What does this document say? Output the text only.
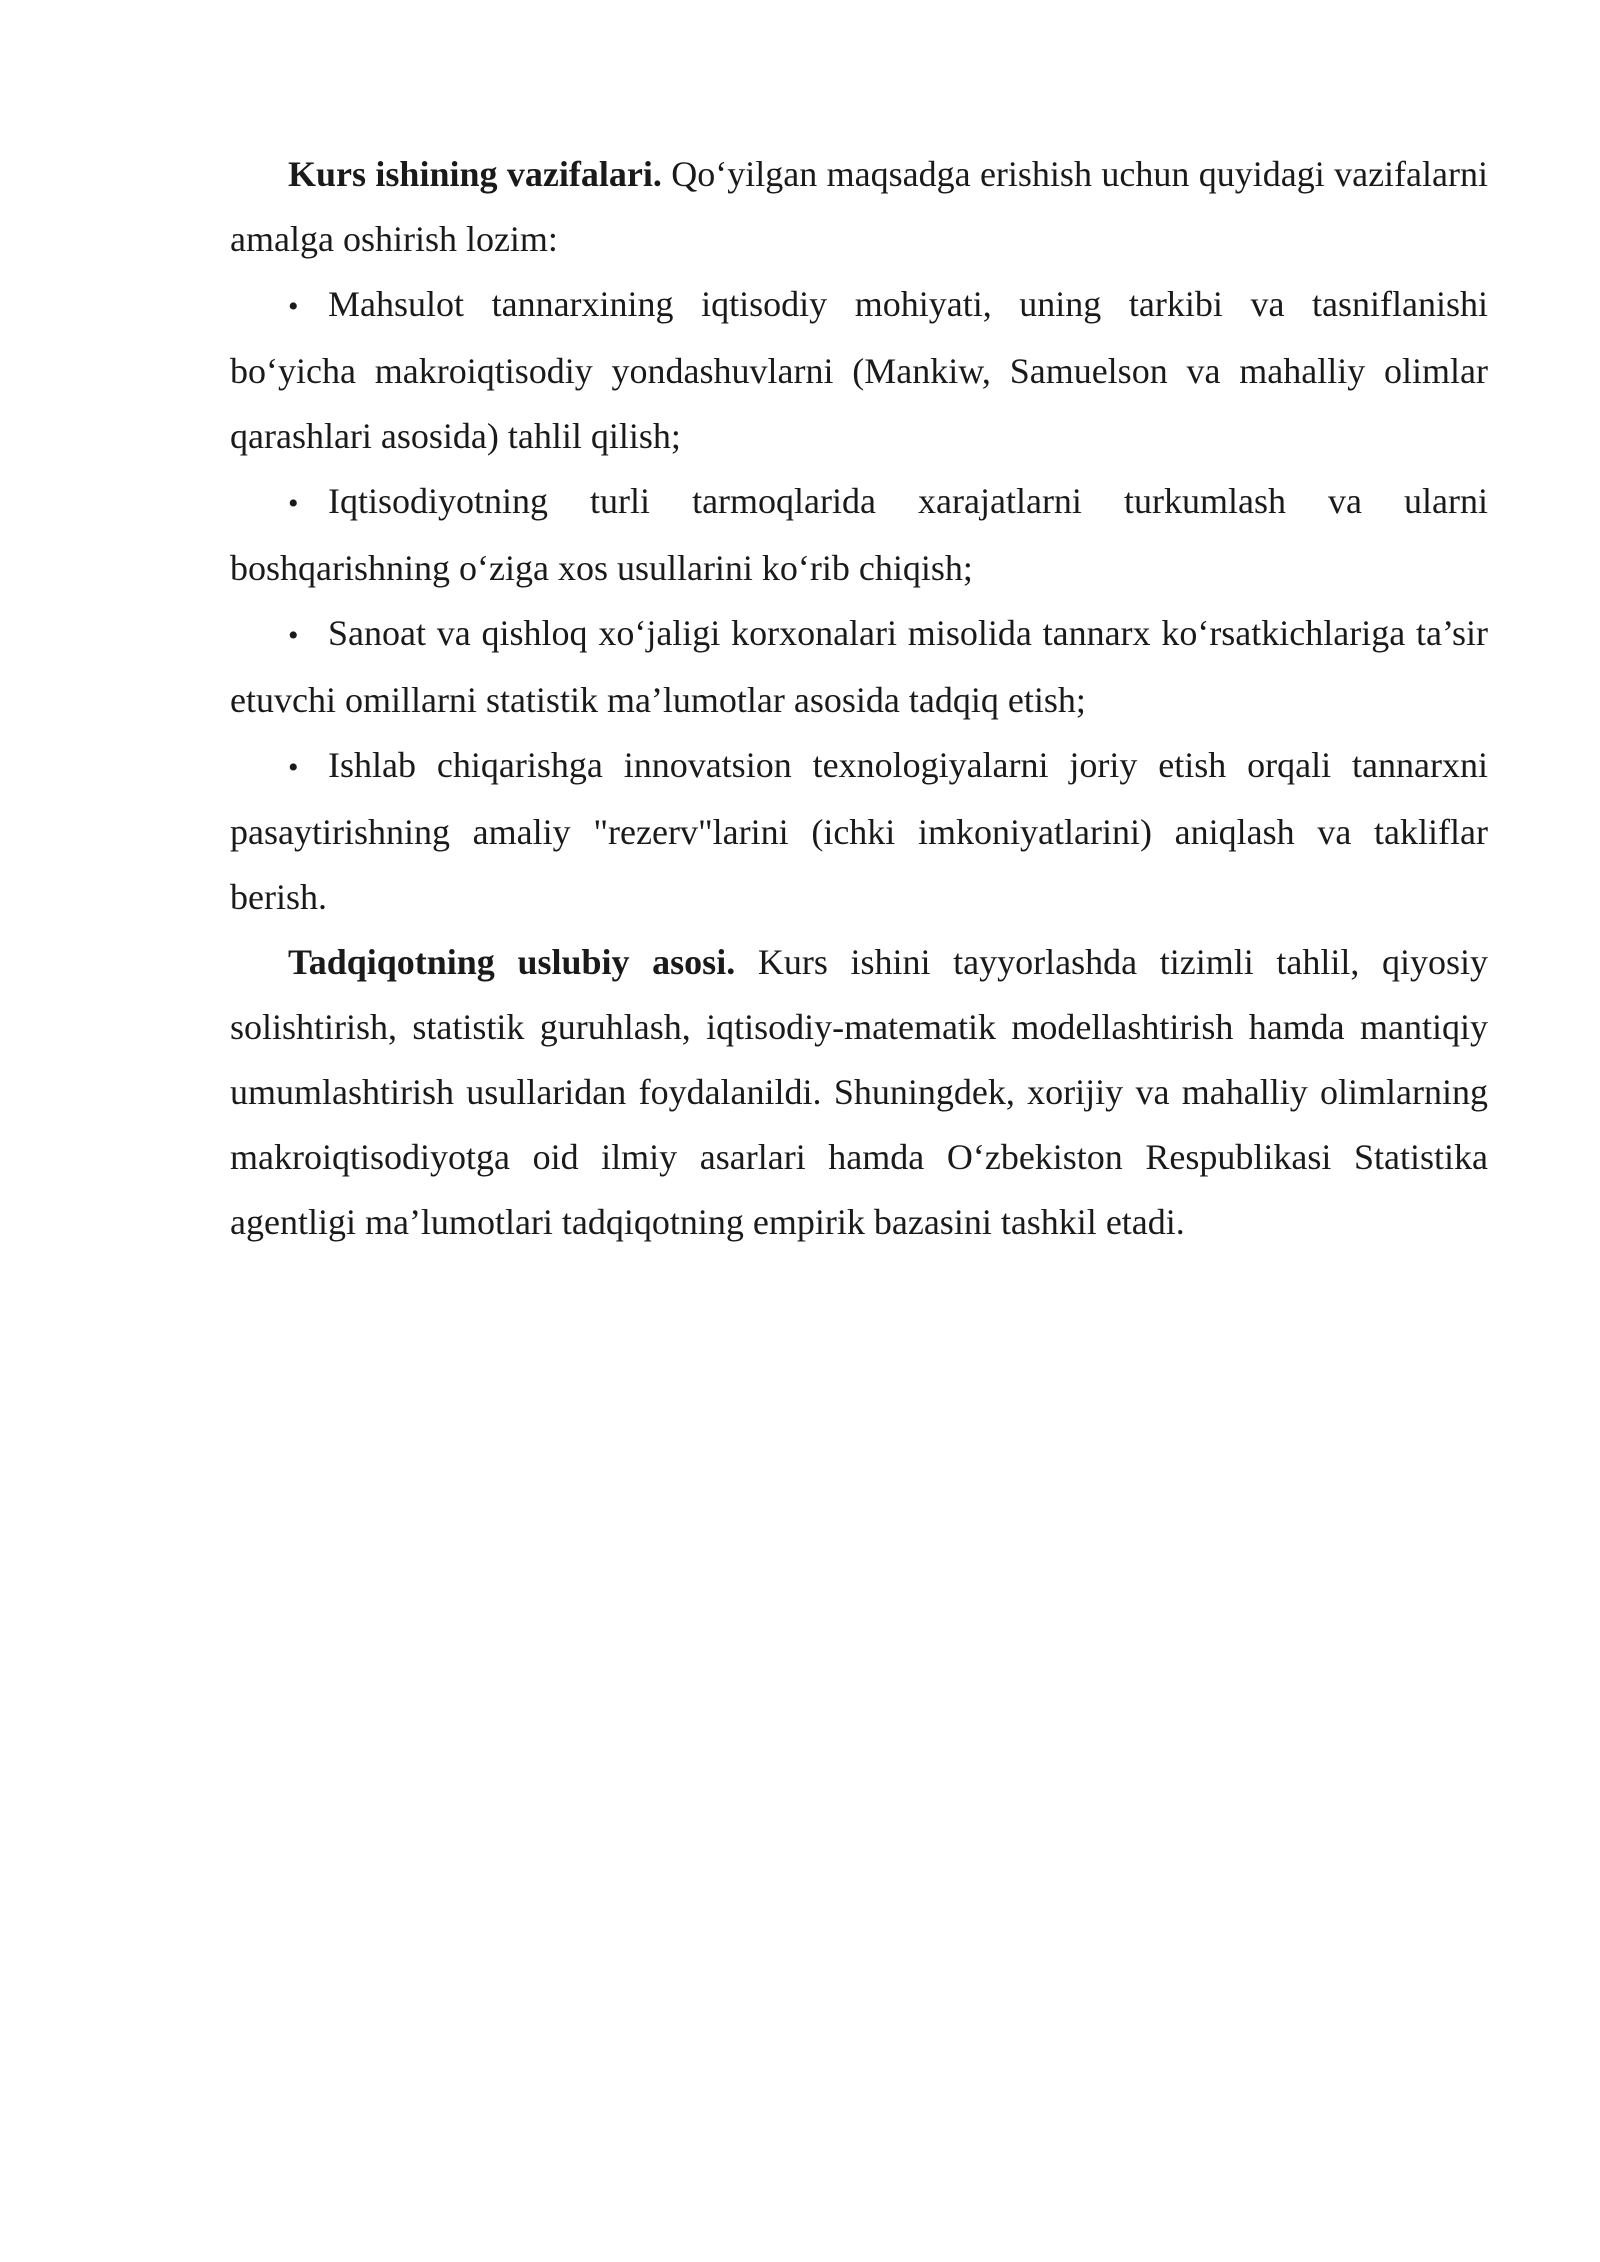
Kurs ishining vazifalari. Qo‘yilgan maqsadga erishish uchun quyidagi vazifalarni amalga oshirish lozim:

• Mahsulot tannarxining iqtisodiy mohiyati, uning tarkibi va tasniflanishi bo‘yicha makroiqtisodiy yondashuvlarni (Mankiw, Samuelson va mahalliy olimlar qarashlari asosida) tahlil qilish;

• Iqtisodiyotning turli tarmoqlarida xarajatlarni turkumlash va ularni boshqarishning o‘ziga xos usullarini ko‘rib chiqish;

• Sanoat va qishloq xo‘jaligi korxonalari misolida tannarx ko‘rsatkichlariga ta’sir etuvchi omillarni statistik ma’lumotlar asosida tadqiq etish;

• Ishlab chiqarishga innovatsion texnologiyalarni joriy etish orqali tannarxni pasaytirishning amaliy "rezerv"larini (ichki imkoniyatlarini) aniqlash va takliflar berish.

Tadqiqotning uslubiy asosi. Kurs ishini tayyorlashda tizimli tahlil, qiyosiy solishtirish, statistik guruhlash, iqtisodiy-matematik modellashtirish hamda mantiqiy umumlashtirish usullaridan foydalanildi. Shuningdek, xorijiy va mahalliy olimlarning makroiqtisodiyotga oid ilmiy asarlari hamda O‘zbekiston Respublikasi Statistika agentligi ma’lumotlari tadqiqotning empirik bazasini tashkil etadi.
